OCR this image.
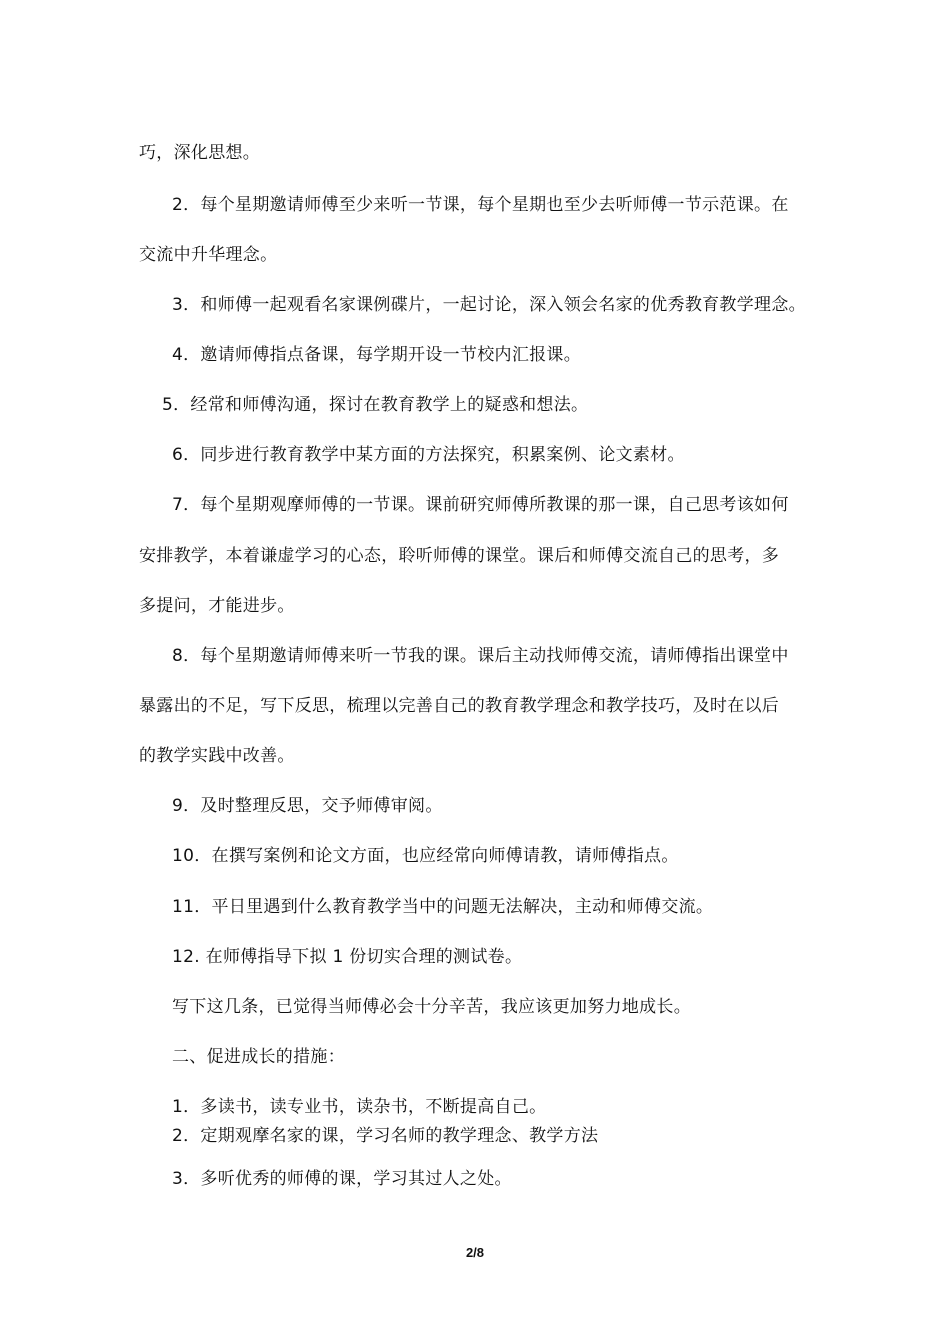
巧，深化思想。
2．每个星期邀请师傅至少来听一节课，每个星期也至少去听师傅一节示范课。在
交流中升华理念。
3．和师傅一起观看名家课例碟片，一起讨论，深入领会名家的优秀教育教学理念。
4．邀请师傅指点备课，每学期开设一节校内汇报课。
5．经常和师傅沟通，探讨在教育教学上的疑惑和想法。
6．同步进行教育教学中某方面的方法探究，积累案例、论文素材。
7．每个星期观摩师傅的一节课。课前研究师傅所教课的那一课，自己思考该如何
安排教学，本着谦虚学习的心态，聆听师傅的课堂。课后和师傅交流自己的思考，多
多提问，才能进步。
8．每个星期邀请师傅来听一节我的课。课后主动找师傅交流，请师傅指出课堂中
暴露出的不足，写下反思，梳理以完善自己的教育教学理念和教学技巧，及时在以后
的教学实践中改善。
9．及时整理反思，交予师傅审阅。
10．在撰写案例和论文方面，也应经常向师傅请教，请师傅指点。
11．平日里遇到什么教育教学当中的问题无法解决，主动和师傅交流。
12. 在师傅指导下拟 1 份切实合理的测试卷。
写下这几条，已觉得当师傅必会十分辛苦，我应该更加努力地成长。
二、促进成长的措施：
1．多读书，读专业书，读杂书，不断提高自己。
2．定期观摩名家的课，学习名师的教学理念、教学方法
3．多听优秀的师傅的课，学习其过人之处。
2/8
